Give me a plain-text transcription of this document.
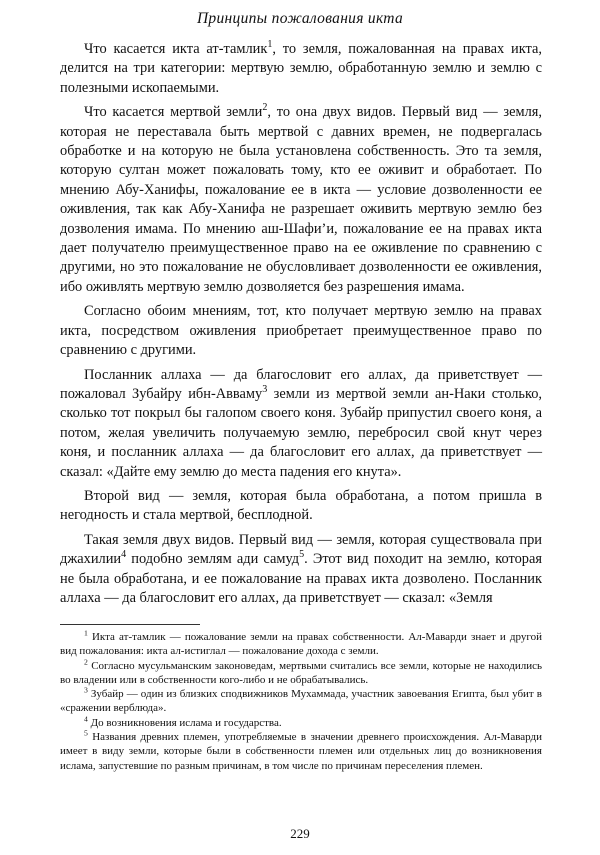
Принципы пожалования икта

Что касается икта ат-тамлик$^1$, то земля, пожалованная на правах икта, делится на три категории: мертвую землю, обработанную землю и землю с полезными ископаемыми.

Что касается мертвой земли$^2$, то она двух видов. Первый вид — земля, которая не переставала быть мертвой с давних времен, не подвергалась обработке и на которую не была установлена собственность. Это та земля, которую султан может пожаловать тому, кто ее оживит и обработает. По мнению Абу-Ханифы, пожалование ее в икта — условие дозволенности ее оживления, так как Абу-Ханифа не разрешает оживить мертвую землю без дозволения имама. По мнению аш-Шафи’и, пожалование ее на правах икта дает получателю преимущественное право на ее оживление по сравнению с другими, но это пожалование не обусловливает дозволенности ее оживления, ибо оживлять мертвую землю дозволяется без разрешения имама.

Согласно обоим мнениям, тот, кто получает мертвую землю на правах икта, посредством оживления приобретает преимущественное право по сравнению с другими.

Посланник аллаха — да благословит его аллах, да приветствует — пожаловал Зубайру ибн-Авваму$^3$ земли из мертвой земли ан-Наки столько, сколько тот покрыл бы галопом своего коня. Зубайр припустил своего коня, а потом, желая увеличить получаемую землю, перебросил свой кнут через коня, и посланник аллаха — да благословит его аллах, да приветствует — сказал: «Дайте ему землю до места падения его кнута».

Второй вид — земля, которая была обработана, а потом пришла в негодность и стала мертвой, бесплодной.

Такая земля двух видов. Первый вид — земля, которая существовала при джахилии$^4$ подобно землям ади самуд$^5$. Этот вид походит на землю, которая не была обработана, и ее пожалование на правах икта дозволено. Посланник аллаха — да благословит его аллах, да приветствует — сказал: «Земля

$^1$ Икта ат-тамлик — пожалование земли на правах собственности. Ал-Маварди знает и другой вид пожалования: икта ал-истиглал — пожалование дохода с земли.

$^2$ Согласно мусульманским законоведам, мертвыми считались все земли, которые не находились во владении или в собственности кого-либо и не обрабатывались.

$^3$ Зубайр — один из близких сподвижников Мухаммада, участник завоевания Египта, был убит в «сражении верблюда».

$^4$ До возникновения ислама и государства.

$^5$ Названия древних племен, употребляемые в значении древнего происхождения. Ал-Маварди имеет в виду земли, которые были в собственности племен или отдельных лиц до возникновения ислама, запустевшие по разным причинам, в том числе по причинам переселения племен.

229
